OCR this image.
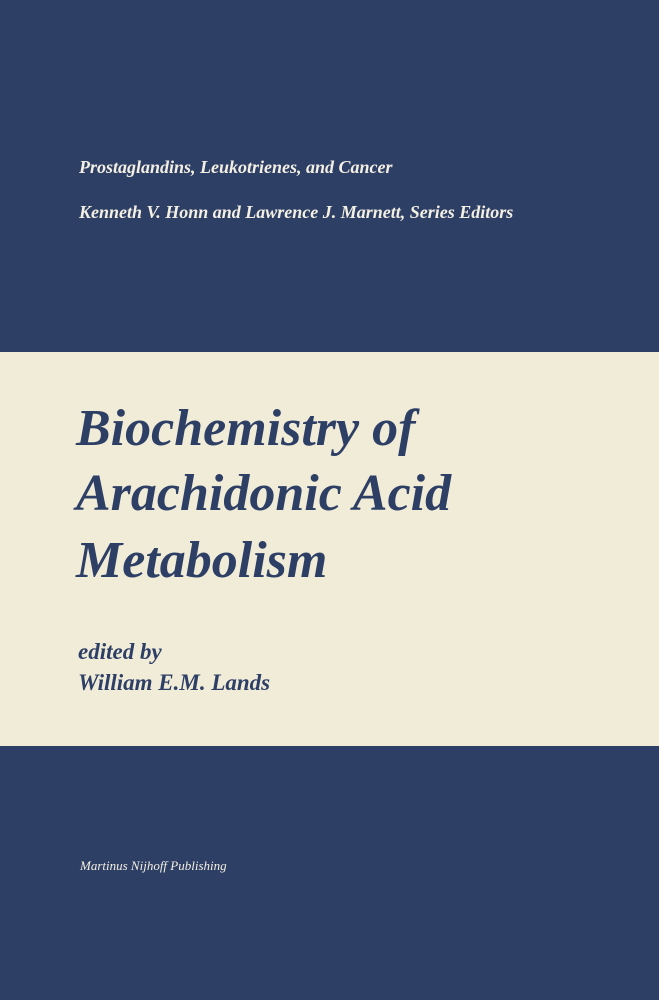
Prostaglandins, Leukotrienes, and Cancer
Kenneth V. Honn and Lawrence J. Marnett, Series Editors
Biochemistry of
Arachidonic Acid
Metabolism
edited by
William E.M. Lands
Martinus Nijhoff Publishing
